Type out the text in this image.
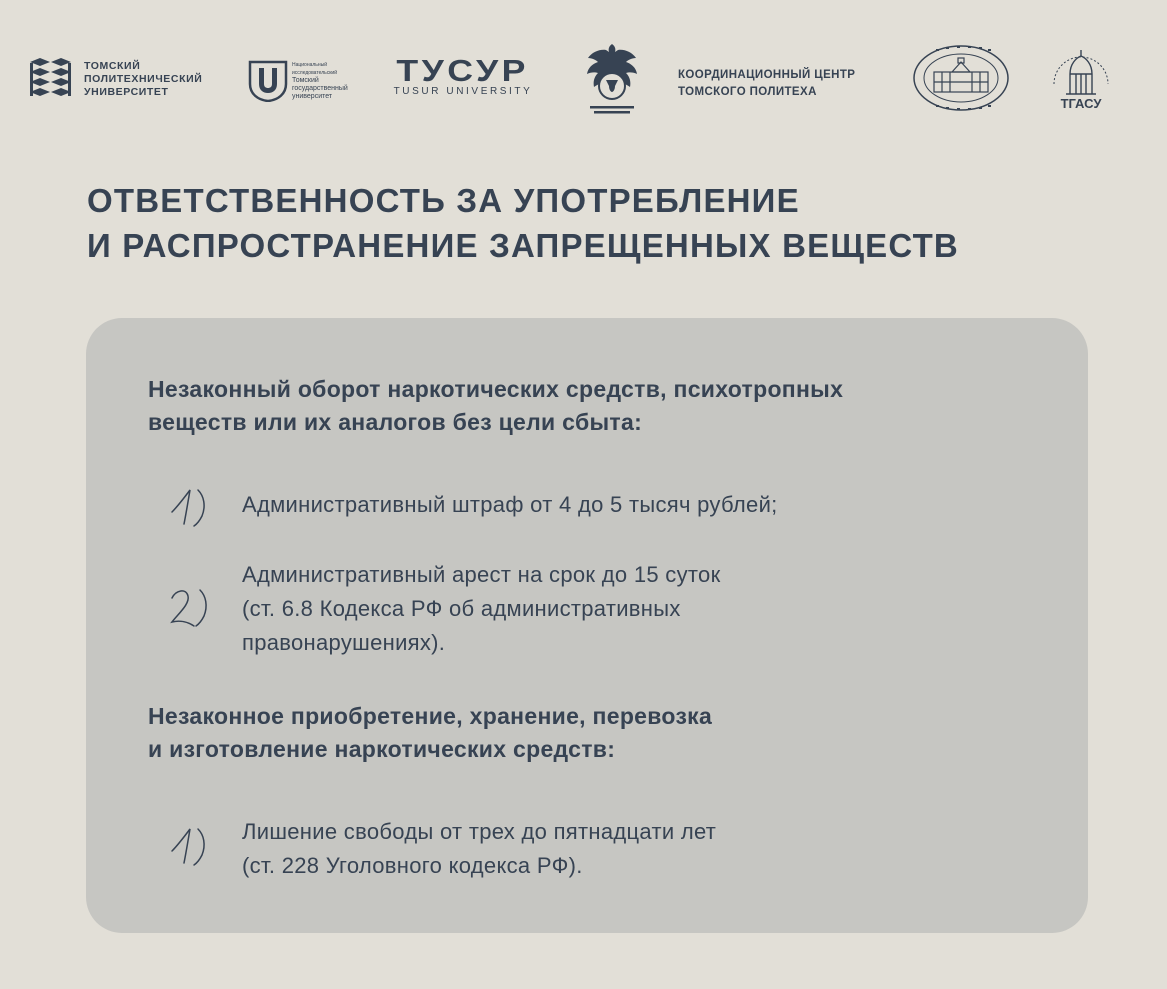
ТОМСКИЙ
ПОЛИТЕХНИЧЕСКИЙ
УНИВЕРСИТЕТ
Национальный
исследовательский
Томский
государственный
университет
ТУСУР
TUSUR UNIVERSITY
КООРДИНАЦИОННЫЙ ЦЕНТР
ТОМСКОГО ПОЛИТЕХА
ТГАСУ
ОТВЕТСТВЕННОСТЬ ЗА УПОТРЕБЛЕНИЕ
И РАСПРОСТРАНЕНИЕ ЗАПРЕЩЕННЫХ ВЕЩЕСТВ
Незаконный оборот наркотических средств, психотропных
веществ или их аналогов без цели сбыта:
1)
Административный штраф от 4 до 5 тысяч рублей;
2)	Административный арест на срок до 15 суток
(ст. 6.8 Кодекса РФ об административных
правонарушениях).
Незаконное приобретение, хранение, перевозка
и изготовление наркотических средств:
1)	Лишение свободы от трех до пятнадцати лет
(ст. 228 Уголовного кодекса РФ).
